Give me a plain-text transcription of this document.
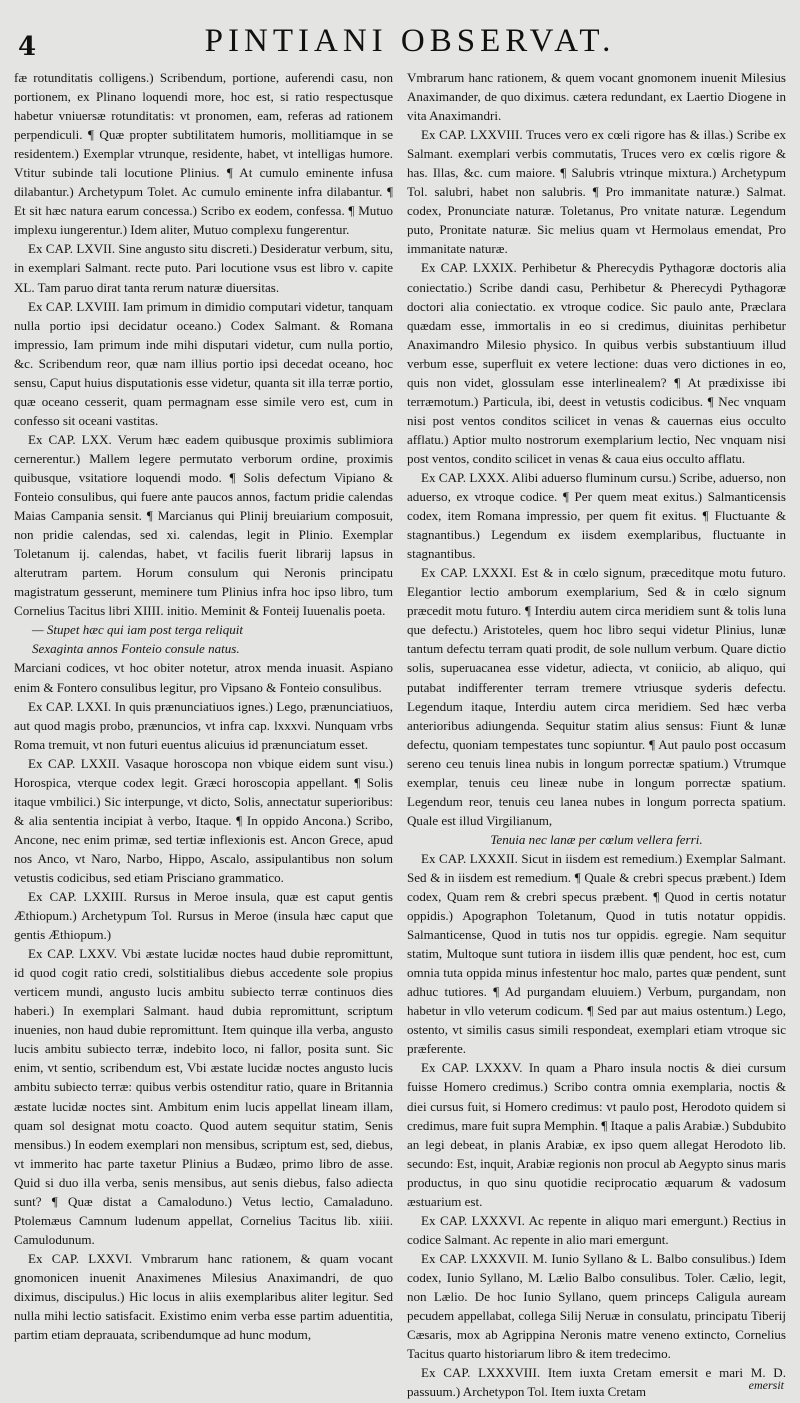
4	PINTIANI OBSERVAT.

fæ rotunditatis colligens.) Scribendum, portione, auferendi casu, non portionem, ex Plinano loquendi more, hoc est, si ratio respectusque habetur vniuersæ rotunditatis: vt pronomen, eam, referas ad rationem perpendiculi. ¶ Quæ propter subtilitatem humoris, mollitiamque in se residentem.) Exemplar vtrunque, residente, habet, vt intelligas humore. Vtitur subinde tali locutione Plinius. ¶ At cumulo eminente infusa dilabantur.) Archetypum Tolet. Ac cumulo eminente infra dilabantur. ¶ Et sit hæc natura earum concessa.) Scribo ex eodem, confessa. ¶ Mutuo implexu iungerentur.) Idem aliter, Mutuo complexu fungerentur.

Ex CAP. LXVII. Sine angusto situ discreti.) Desideratur verbum, situ, in exemplari Salmant. recte puto. Pari locutione vsus est libro v. capite XL. Tam paruo dirat tanta rerum naturæ diuersitas.

Ex CAP. LXVIII. Iam primum in dimidio computari videtur, tanquam nulla portio ipsi decidatur oceano.) Codex Salmant. & Romana impressio, Iam primum inde mihi disputari videtur, cum nulla portio, &c. Scribendum reor, quæ nam illius portio ipsi decedat oceano, hoc sensu, Caput huius disputationis esse videtur, quanta sit illa terræ portio, quæ oceano cesserit, quam permagnam esse simile vero est, cum in confesso sit oceani vastitas.

Ex CAP. LXX. Verum hæc eadem quibusque proximis sublimiora cernerentur.) Mallem legere permutato verborum ordine, proximis quibusque, vsitatiore loquendi modo. ¶ Solis defectum Vipiano & Fonteio consulibus, qui fuere ante paucos annos, factum pridie calendas Maias Campania sensit. ¶ Marcianus qui Plinij breuiarium composuit, non pridie calendas, sed xi. calendas, legit in Plinio. Exemplar Toletanum ij. calendas, habet, vt facilis fuerit librarij lapsus in alterutram partem. Horum consulum qui Neronis principatu magistratum gesserunt, meminere tum Plinius infra hoc ipso libro, tum Cornelius Tacitus libri XIIII. initio. Meminit & Fonteij Iuuenalis poeta.

— Stupet hæc qui iam post terga reliquit

Sexaginta annos Fonteio consule natus.

Marciani codices, vt hoc obiter notetur, atrox menda inuasit. Aspiano enim & Fontero consulibus legitur, pro Vipsano & Fonteio consulibus.

Ex CAP. LXXI. In quis prænunciatiuos ignes.) Lego, prænunciatiuos, aut quod magis probo, prænuncios, vt infra cap. lxxxvi. Nunquam vrbs Roma tremuit, vt non futuri euentus alicuius id prænunciatum esset.

Ex CAP. LXXII. Vasaque horoscopa non vbique eidem sunt visu.) Horospica, vterque codex legit. Græci horoscopia appellant. ¶ Solis itaque vmbilici.) Sic interpunge, vt dicto, Solis, annectatur superioribus: & alia sententia incipiat à verbo, Itaque. ¶ In oppido Ancona.) Scribo, Ancone, nec enim primæ, sed tertiæ inflexionis est. Ancon Grece, apud nos Anco, vt Naro, Narbo, Hippo, Ascalo, assipulantibus non solum vetustis codicibus, sed etiam Prisciano grammatico.

Ex CAP. LXXIII. Rursus in Meroe insula, quæ est caput gentis Æthiopum.) Archetypum Tol. Rursus in Meroe (insula hæc caput que gentis Æthiopum.)

Ex CAP. LXXV. Vbi æstate lucidæ noctes haud dubie repromittunt, id quod cogit ratio credi, solstitialibus diebus accedente sole propius verticem mundi, angusto lucis ambitu subiecto terræ continuos dies haberi.) In exemplari Salmant. haud dubia repromittunt, scriptum inuenies, non haud dubie repromittunt. Item quinque illa verba, angusto lucis ambitu subiecto terræ, indebito loco, ni fallor, posita sunt. Sic enim, vt sentio, scribendum est, Vbi æstate lucidæ noctes angusto lucis ambitu subiecto terræ: quibus verbis ostenditur ratio, quare in Britannia æstate lucidæ noctes sint. Ambitum enim lucis appellat lineam illam, quam sol designat motu coacto. Quod autem sequitur statim, Senis mensibus.) In eodem exemplari non mensibus, scriptum est, sed, diebus, vt immerito hac parte taxetur Plinius a Budæo, primo libro de asse. Quid si duo illa verba, senis mensibus, aut senis diebus, falso adiecta sunt? ¶ Quæ distat a Camaloduno.) Vetus lectio, Camaladuno. Ptolemæus Camnum ludenum appellat, Cornelius Tacitus lib. xiiii. Camulodunum.

Ex CAP. LXXVI. Vmbrarum hanc rationem, & quam vocant gnomonicen inuenit Anaximenes Milesius Anaximandri, de quo diximus, discipulus.) Hic locus in aliis exemplaribus aliter legitur. Sed nulla mihi lectio satisfacit. Existimo enim verba esse partim aduentitia, partim etiam deprauata, scribendumque ad hunc modum,

Vmbrarum hanc rationem, & quem vocant gnomonem inuenit Milesius Anaximander, de quo diximus. cætera redundant, ex Laertio Diogene in vita Anaximandri.

Ex CAP. LXXVIII. Truces vero ex cœli rigore has & illas.) Scribe ex Salmant. exemplari verbis commutatis, Truces vero ex cœlis rigore & has. Illas, &c. cum maiore. ¶ Salubris vtrinque mixtura.) Archetypum Tol. salubri, habet non salubris. ¶ Pro immanitate naturæ.) Salmat. codex, Pronunciate naturæ. Toletanus, Pro vnitate naturæ. Legendum puto, Pronitate naturæ. Sic melius quam vt Hermolaus emendat, Pro immanitate naturæ.

Ex CAP. LXXIX. Perhibetur & Pherecydis Pythagoræ doctoris alia coniectatio.) Scribe dandi casu, Perhibetur & Pherecydi Pythagoræ doctori alia coniectatio. ex vtroque codice. Sic paulo ante, Præclara quædam esse, immortalis in eo si credimus, diuinitas perhibetur Anaximandro Milesio physico. In quibus verbis substantiuum illud verbum esse, superfluit ex vetere lectione: duas vero dictiones in eo, quis non videt, glossulam esse interlinealem? ¶ At prædixisse ibi terræmotum.) Particula, ibi, deest in vetustis codicibus. ¶ Nec vnquam nisi post ventos conditos scilicet in venas & cauernas eius occulto afflatu.) Aptior multo nostrorum exemplarium lectio, Nec vnquam nisi post ventos, condito scilicet in venas & caua eius occulto afflatu.

Ex CAP. LXXX. Alibi aduerso fluminum cursu.) Scribe, aduerso, non aduerso, ex vtroque codice. ¶ Per quem meat exitus.) Salmanticensis codex, item Romana impressio, per quem fit exitus. ¶ Fluctuante & stagnantibus.) Legendum ex iisdem exemplaribus, fluctuante in stagnantibus.

Ex CAP. LXXXI. Est & in cœlo signum, præceditque motu futuro. Elegantior lectio amborum exemplarium, Sed & in cœlo signum præcedit motu futuro. ¶ Interdiu autem circa meridiem sunt & tolis luna que defectu.) Aristoteles, quem hoc libro sequi videtur Plinius, lunæ tantum defectu terram quati prodit, de sole nullum verbum. Quare dictio solis, superuacanea esse videtur, adiecta, vt coniicio, ab aliquo, qui putabat indifferenter terram tremere vtriusque syderis defectu. Legendum itaque, Interdiu autem circa meridiem. Sed hæc verba anterioribus adiungenda. Sequitur statim alius sensus: Fiunt & lunæ defectu, quoniam tempestates tunc sopiuntur. ¶ Aut paulo post occasum sereno ceu tenuis linea nubis in longum porrectæ spatium.) Vtrumque exemplar, tenuis ceu lineæ nube in longum porrectæ spatium. Legendum reor, tenuis ceu lanea nubes in longum porrecta spatium. Quale est illud Virgilianum,

Tenuia nec lanæ per cœlum vellera ferri.

Ex CAP. LXXXII. Sicut in iisdem est remedium.) Exemplar Salmant. Sed & in iisdem est remedium. ¶ Quale & crebri specus præbent.) Idem codex, Quam rem & crebri specus præbent. ¶ Quod in certis notatur oppidis.) Apographon Toletanum, Quod in tutis notatur oppidis. Salmanticense, Quod in tutis nos tur oppidis. egregie. Nam sequitur statim, Multoque sunt tutiora in iisdem illis quæ pendent, hoc est, cum omnia tuta oppida minus infestentur hoc malo, partes quæ pendent, sunt adhuc tutiores. ¶ Ad purgandam eluuiem.) Verbum, purgandam, non habetur in vllo veterum codicum. ¶ Sed par aut maius ostentum.) Lego, ostento, vt similis casus simili respondeat, exemplari etiam vtroque sic præferente.

Ex CAP. LXXXV. In quam a Pharo insula noctis & diei cursum fuisse Homero credimus.) Scribo contra omnia exemplaria, noctis & diei cursus fuit, si Homero credimus: vt paulo post, Herodoto quidem si credimus, mare fuit supra Memphin. ¶ Itaque a palis Arabiæ.) Subdubito an legi debeat, in planis Arabiæ, ex ipso quem allegat Herodoto lib. secundo: Est, inquit, Arabiæ regionis non procul ab Aegypto sinus maris productus, in quo sinu quotidie reciprocatio æquarum & vadosum æstuarium est.

Ex CAP. LXXXVI. Ac repente in aliquo mari emergunt.) Rectius in codice Salmant. Ac repente in alio mari emergunt.

Ex CAP. LXXXVII. M. Iunio Syllano & L. Balbo consulibus.) Idem codex, Iunio Syllano, M. Lælio Balbo consulibus. Toler. Cælio, legit, non Lælio. De hoc Iunio Syllano, quem princeps Caligula auream pecudem appellabat, collega Silij Neruæ in consulatu, principatu Tiberij Cæsaris, mox ab Agrippina Neronis matre veneno extincto, Cornelius Tacitus quarto historiarum libro & item tredecimo.

Ex CAP. LXXXVIII. Item iuxta Cretam emersit e mari M. D. passuum.) Archetypon Tol. Item iuxta Cretam	emersit
